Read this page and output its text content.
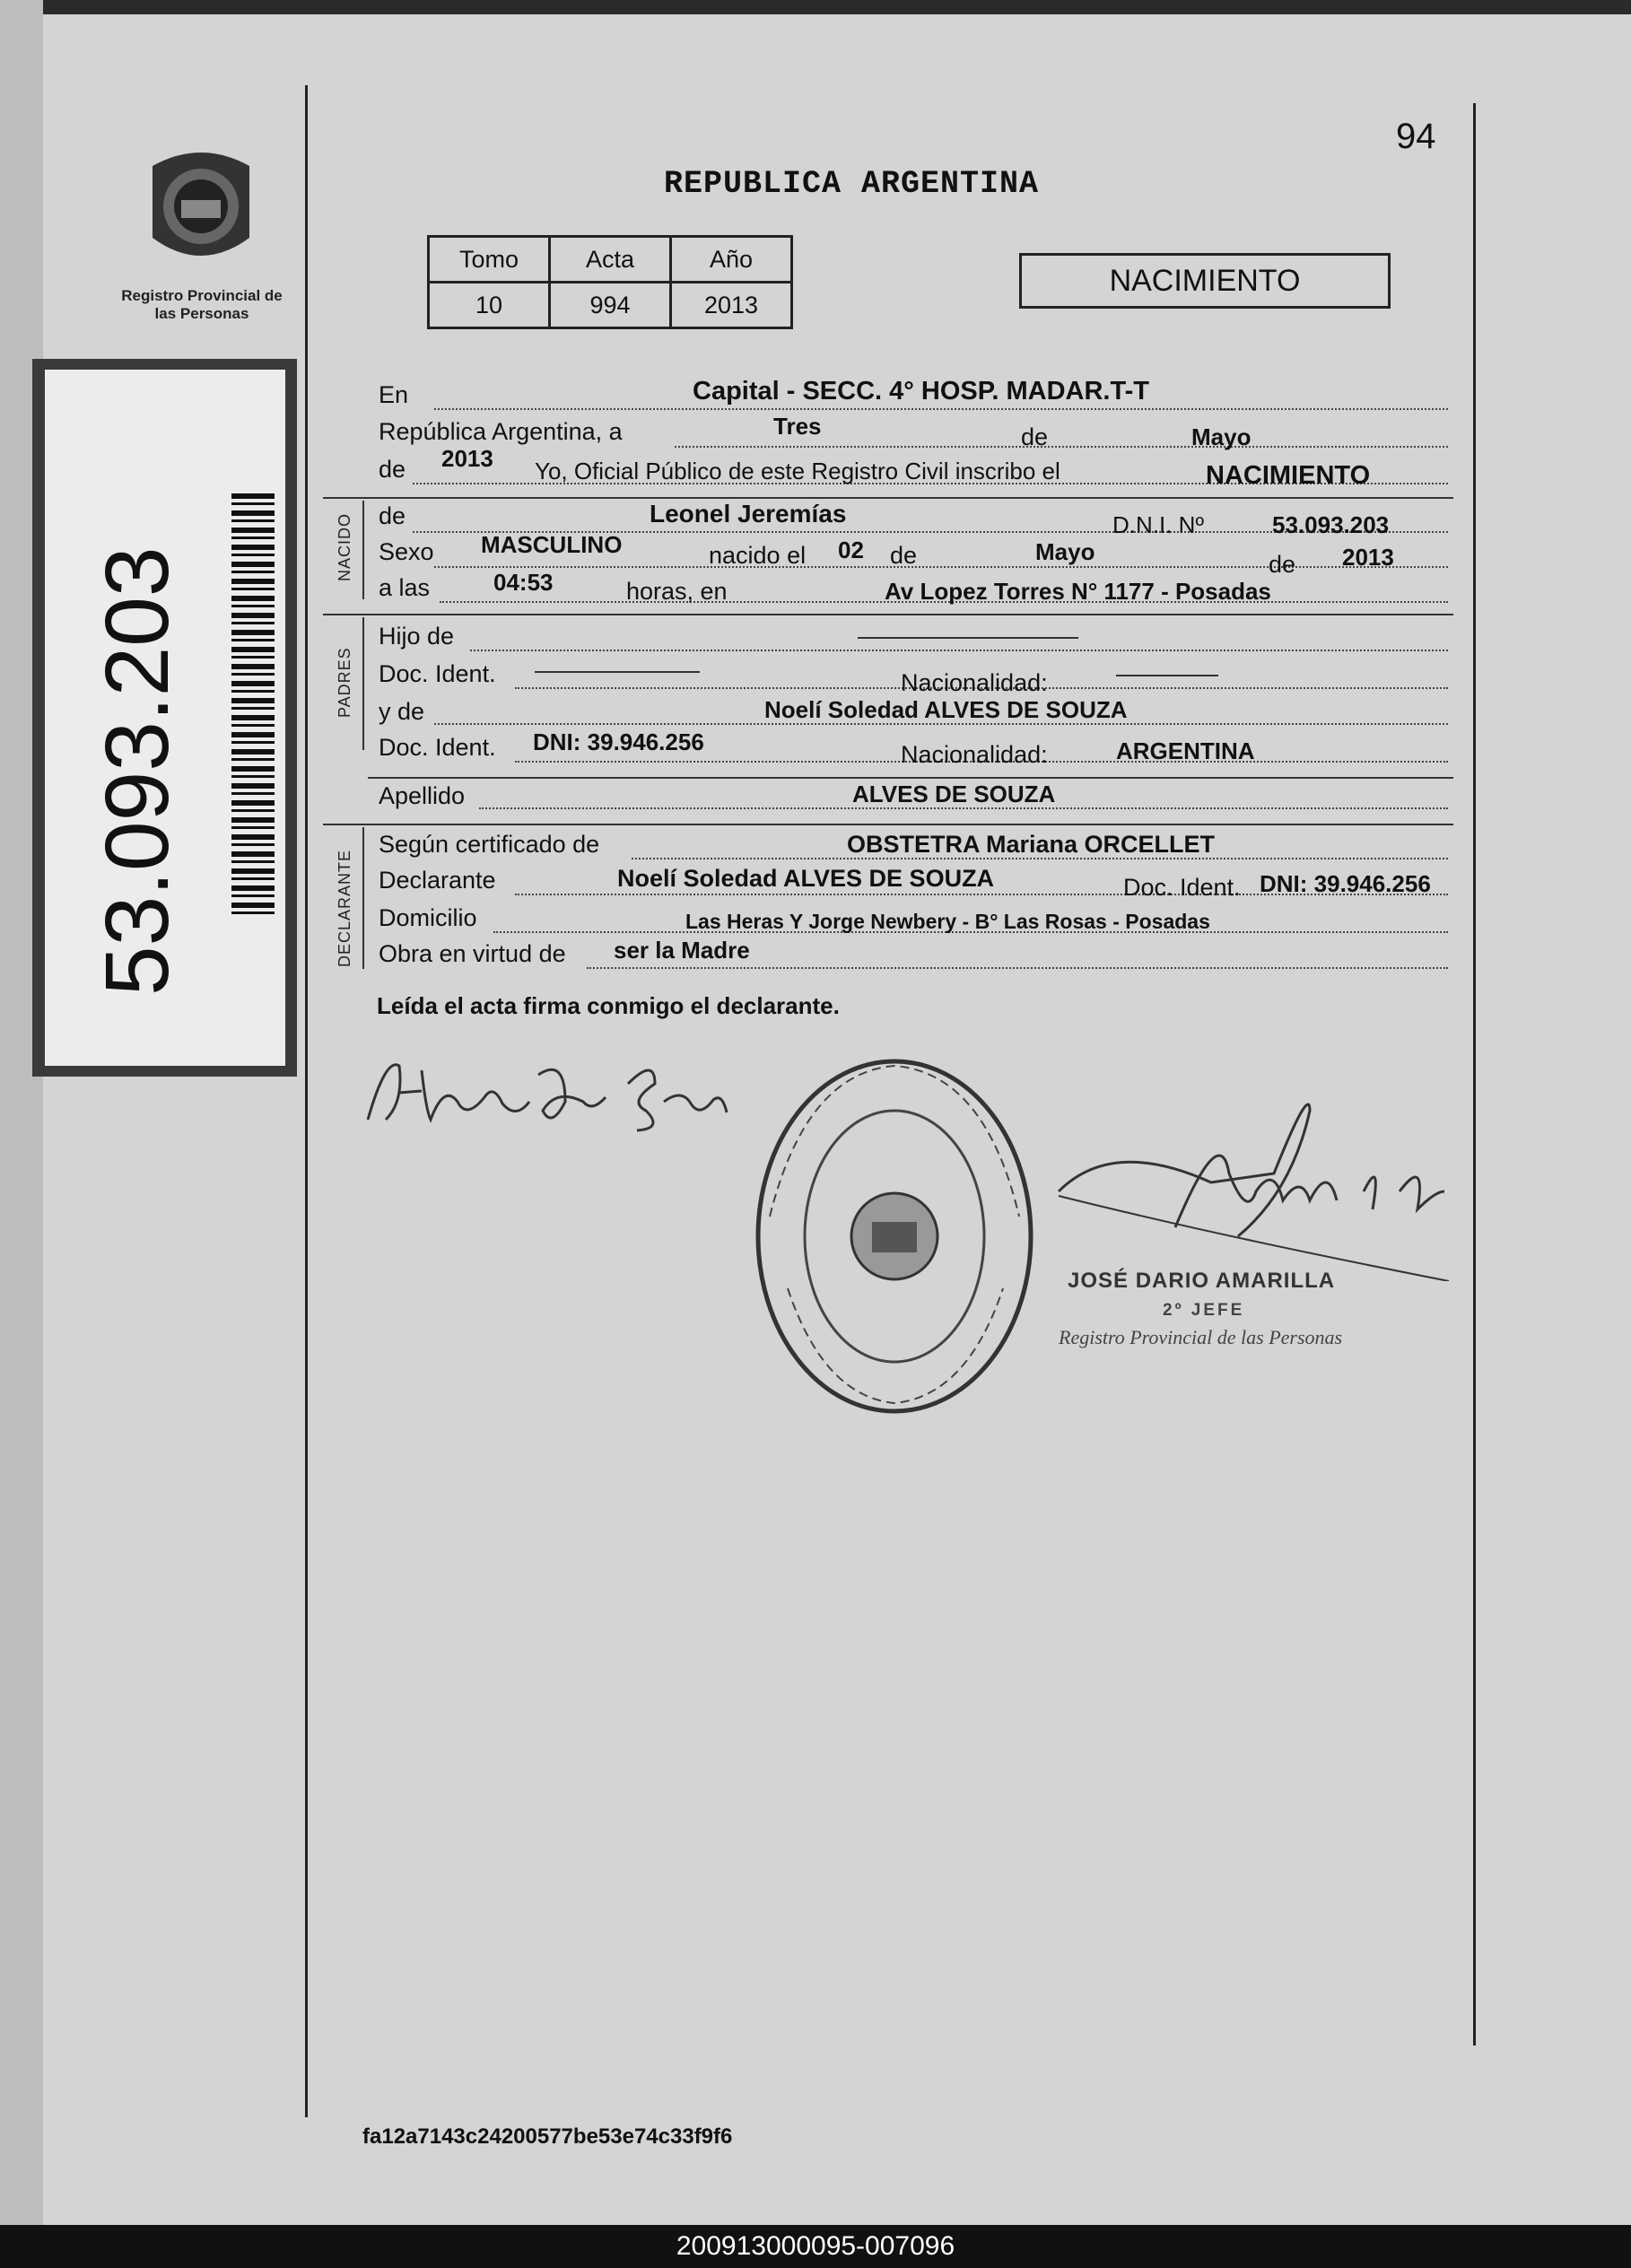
94
Registro Provincial de las Personas
53.093.203
REPUBLICA ARGENTINA
Tomo	Acta	Año
10	994	2013
NACIMIENTO
En	Capital - SECC. 4° HOSP. MADAR.T-T
República Argentina, a	Tres	de	Mayo
de 2013 Yo, Oficial Público de este Registro Civil inscribo el	NACIMIENTO
NACIDO de	Leonel Jeremías	D.N.I. Nº	53.093.203
Sexo MASCULINO	nacido el 02 de	Mayo	de 2013
a las	04:53	horas, en	Av Lopez Torres N° 1177 - Posadas
PADRES
Hijo de
Doc. Ident.	Nacionalidad:
y de	Noelí Soledad ALVES DE SOUZA
Doc. Ident. DNI: 39.946.256	Nacionalidad:	ARGENTINA
Apellido	ALVES DE SOUZA
DECLARANTE
Según certificado de	OBSTETRA Mariana ORCELLET
Declarante	Noelí Soledad ALVES DE SOUZA	Doc. Ident. DNI: 39.946.256
Domicilio	Las Heras Y Jorge Newbery - B° Las Rosas - Posadas
Obra en virtud de ser la Madre
Leída el acta firma conmigo el declarante.
JOSÉ DARIO AMARILLA
2º JEFE
Registro Provincial de las Personas
fa12a7143c24200577be53e74c33f9f6
200913000095-007096
